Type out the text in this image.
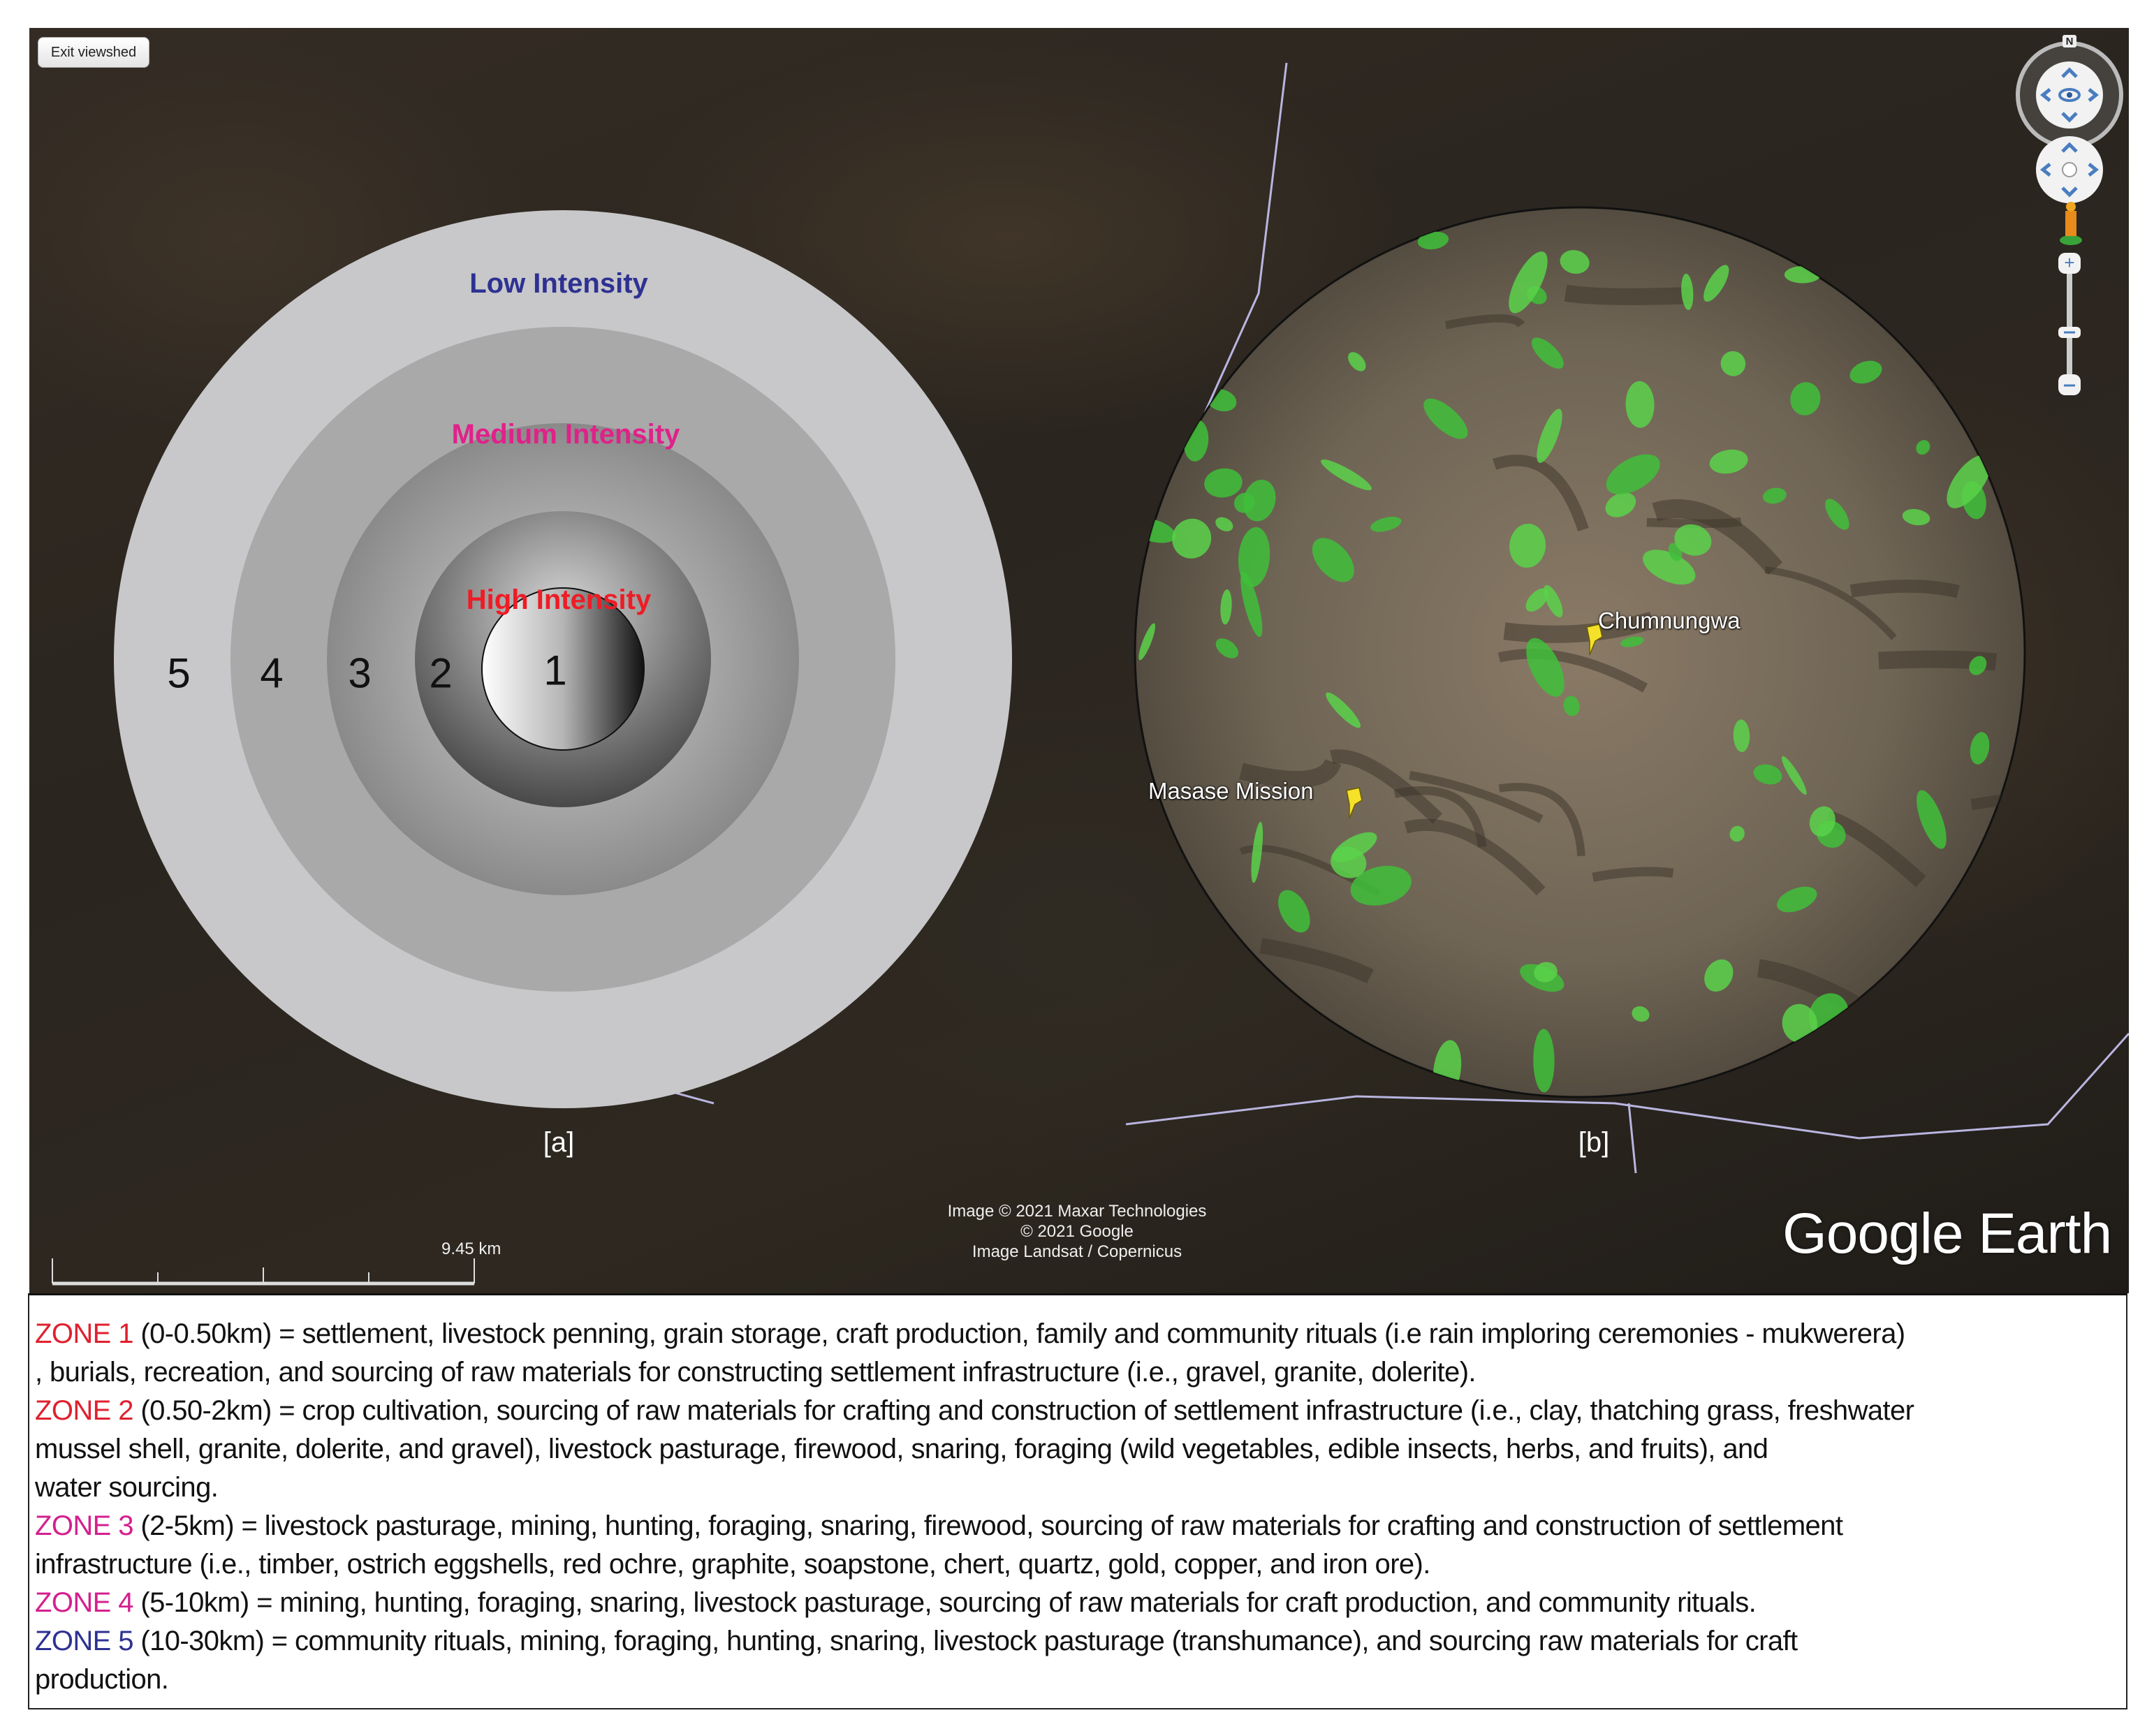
N
+
Exit viewshed
Low Intensity
Medium Intensity
High Intensity
5 4 3 2 1
[a]	[b]
Chumnungwa
Masase Mission
Image © 2021 Maxar Technologies
© 2021 Google
Image Landsat / Copernicus
9.45 km	Google Earth
ZONE 1 (0-0.50km) = settlement, livestock penning, grain storage, craft production, family and community rituals (i.e rain imploring ceremonies - mukwerera)
, burials, recreation, and sourcing of raw materials for constructing settlement infrastructure (i.e., gravel, granite, dolerite).
ZONE 2 (0.50-2km) = crop cultivation, sourcing of raw materials for crafting and construction of settlement infrastructure (i.e., clay, thatching grass, freshwater
mussel shell, granite, dolerite, and gravel), livestock pasturage, firewood, snaring, foraging (wild vegetables, edible insects, herbs, and fruits), and
water sourcing.
ZONE 3 (2-5km) = livestock pasturage, mining, hunting, foraging, snaring, firewood, sourcing of raw materials for crafting and construction of settlement
infrastructure (i.e., timber, ostrich eggshells, red ochre, graphite, soapstone, chert, quartz, gold, copper, and iron ore).
ZONE 4 (5-10km) = mining, hunting, foraging, snaring, livestock pasturage, sourcing of raw materials for craft production, and community rituals.
ZONE 5 (10-30km) = community rituals, mining, foraging, hunting, snaring, livestock pasturage (transhumance), and sourcing raw materials for craft
production.
